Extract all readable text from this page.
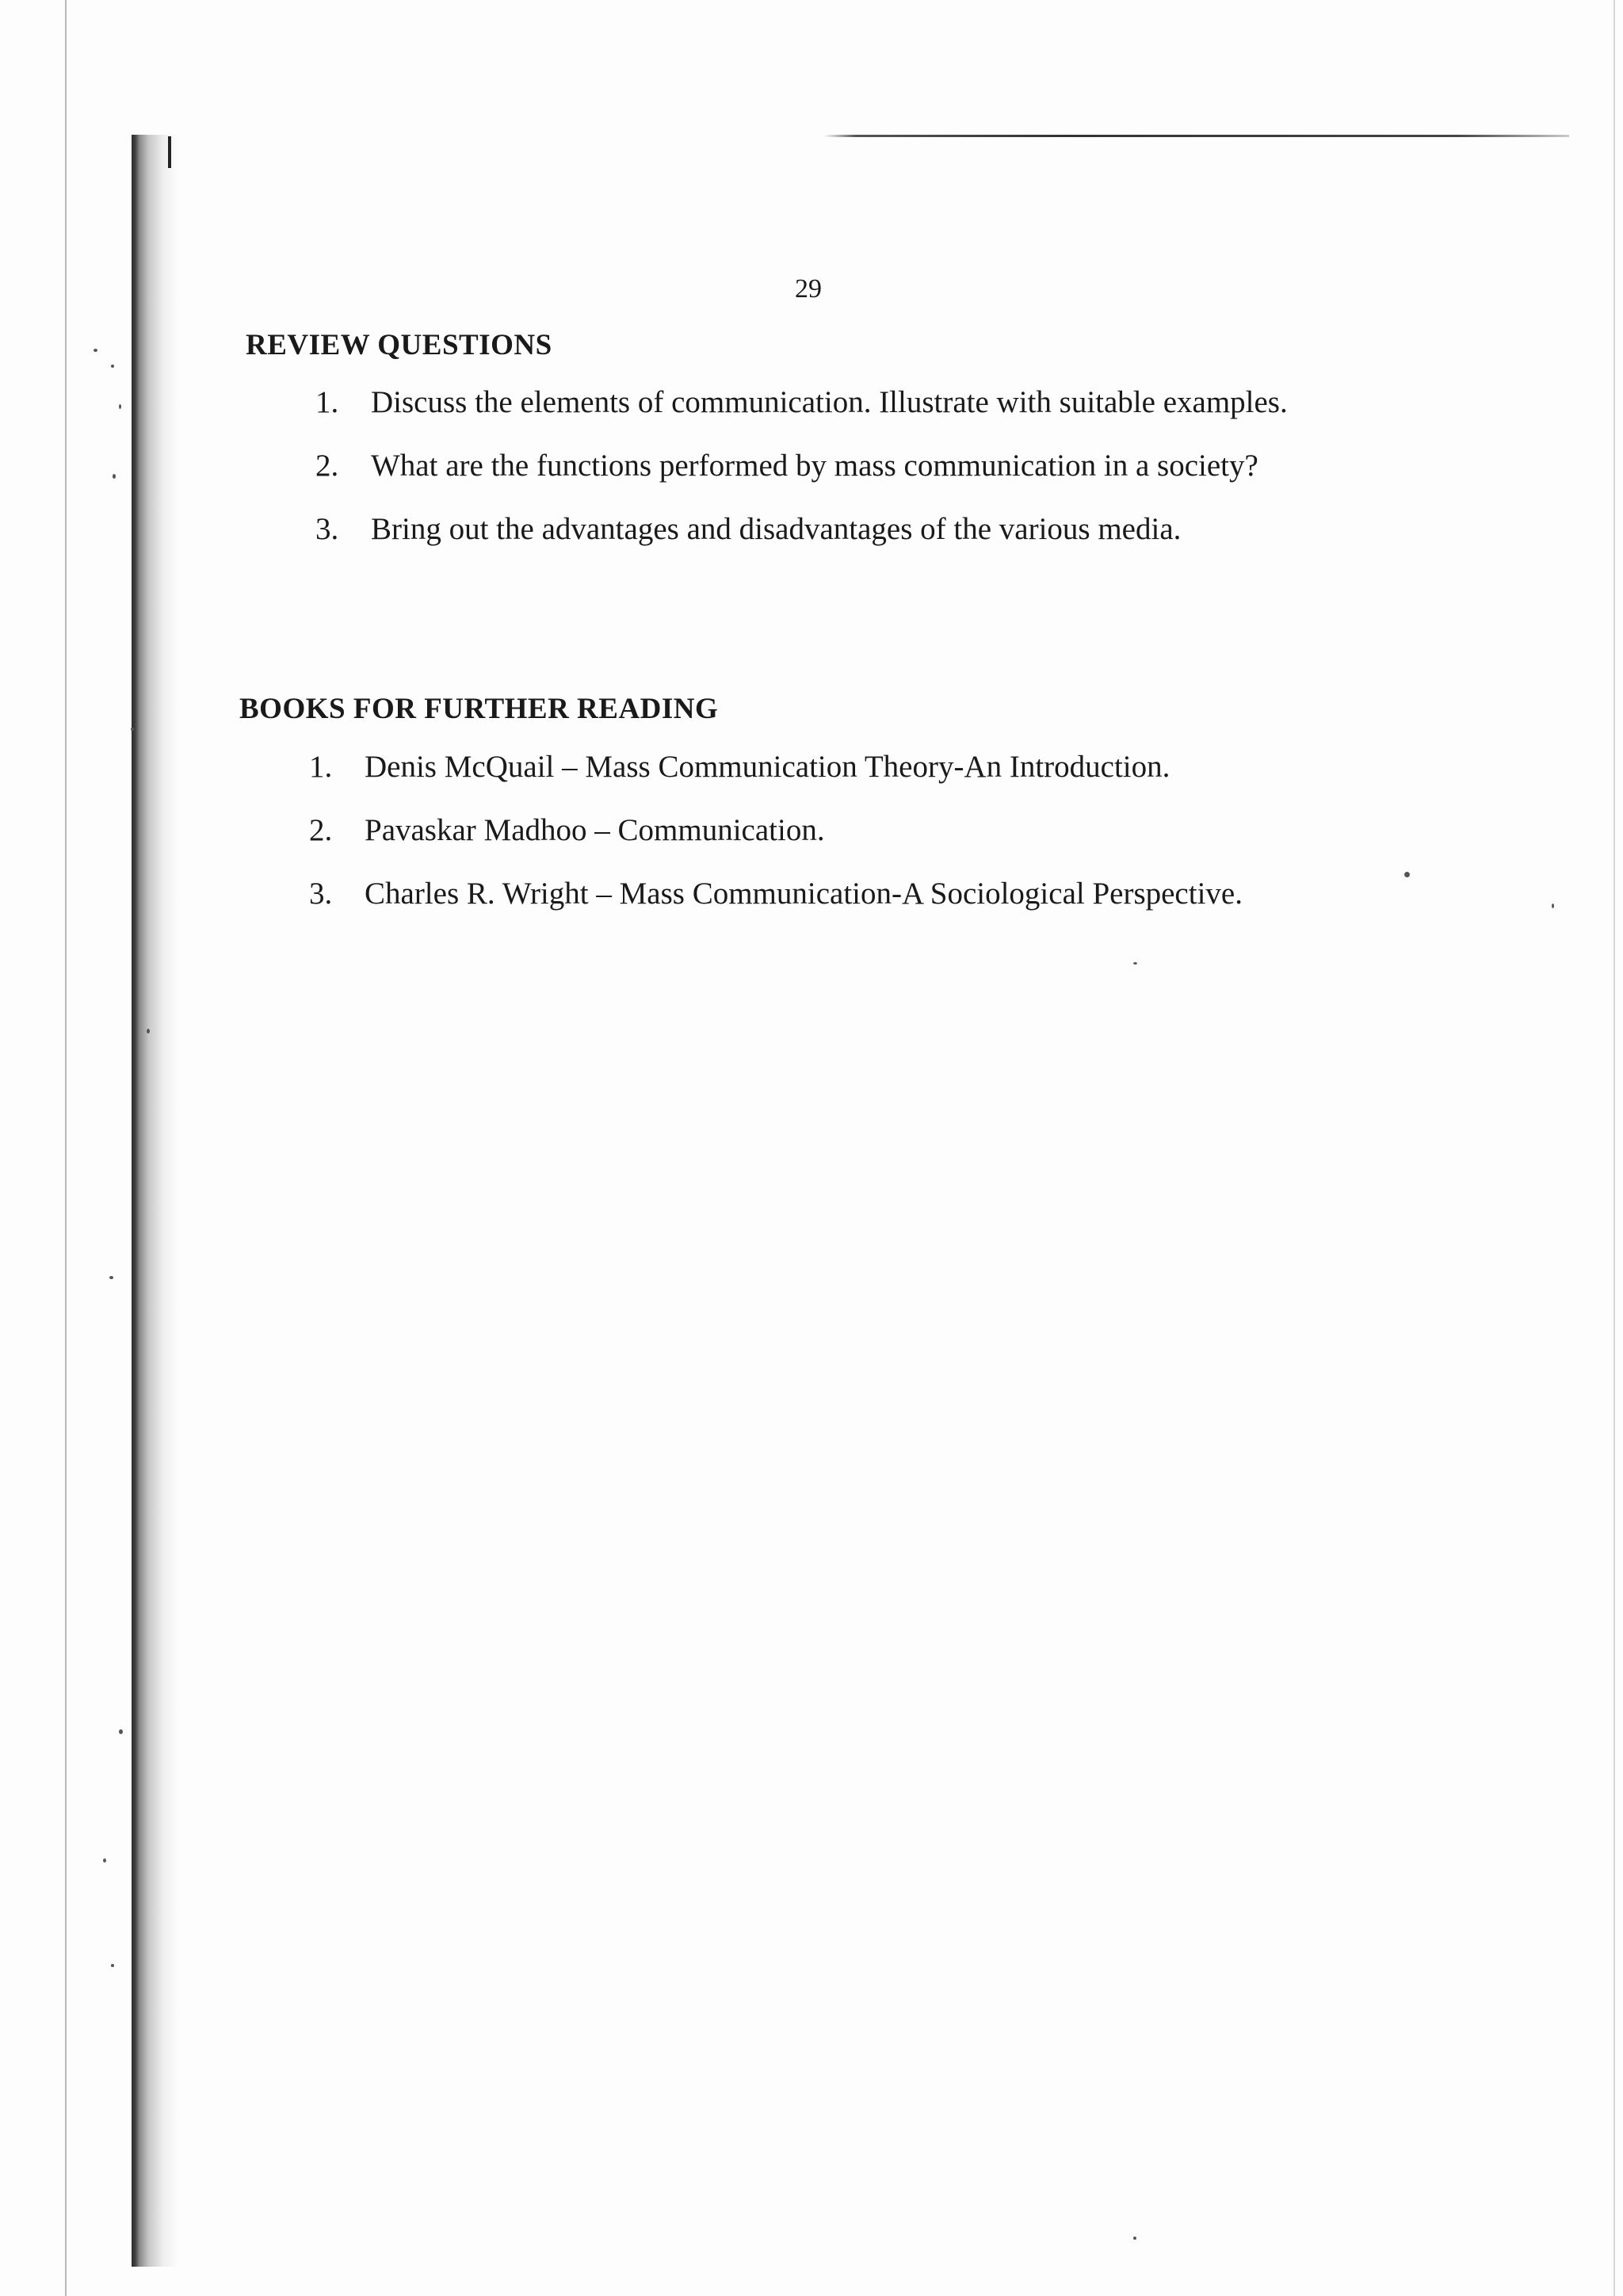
29
REVIEW QUESTIONS
1. Discuss the elements of communication. Illustrate with suitable examples.
2. What are the functions performed by mass communication in a society?
3. Bring out the advantages and disadvantages of the various media.
BOOKS FOR FURTHER READING
1. Denis McQuail – Mass Communication Theory-An Introduction.
2. Pavaskar Madhoo – Communication.
3. Charles R. Wright – Mass Communication-A Sociological Perspective.
